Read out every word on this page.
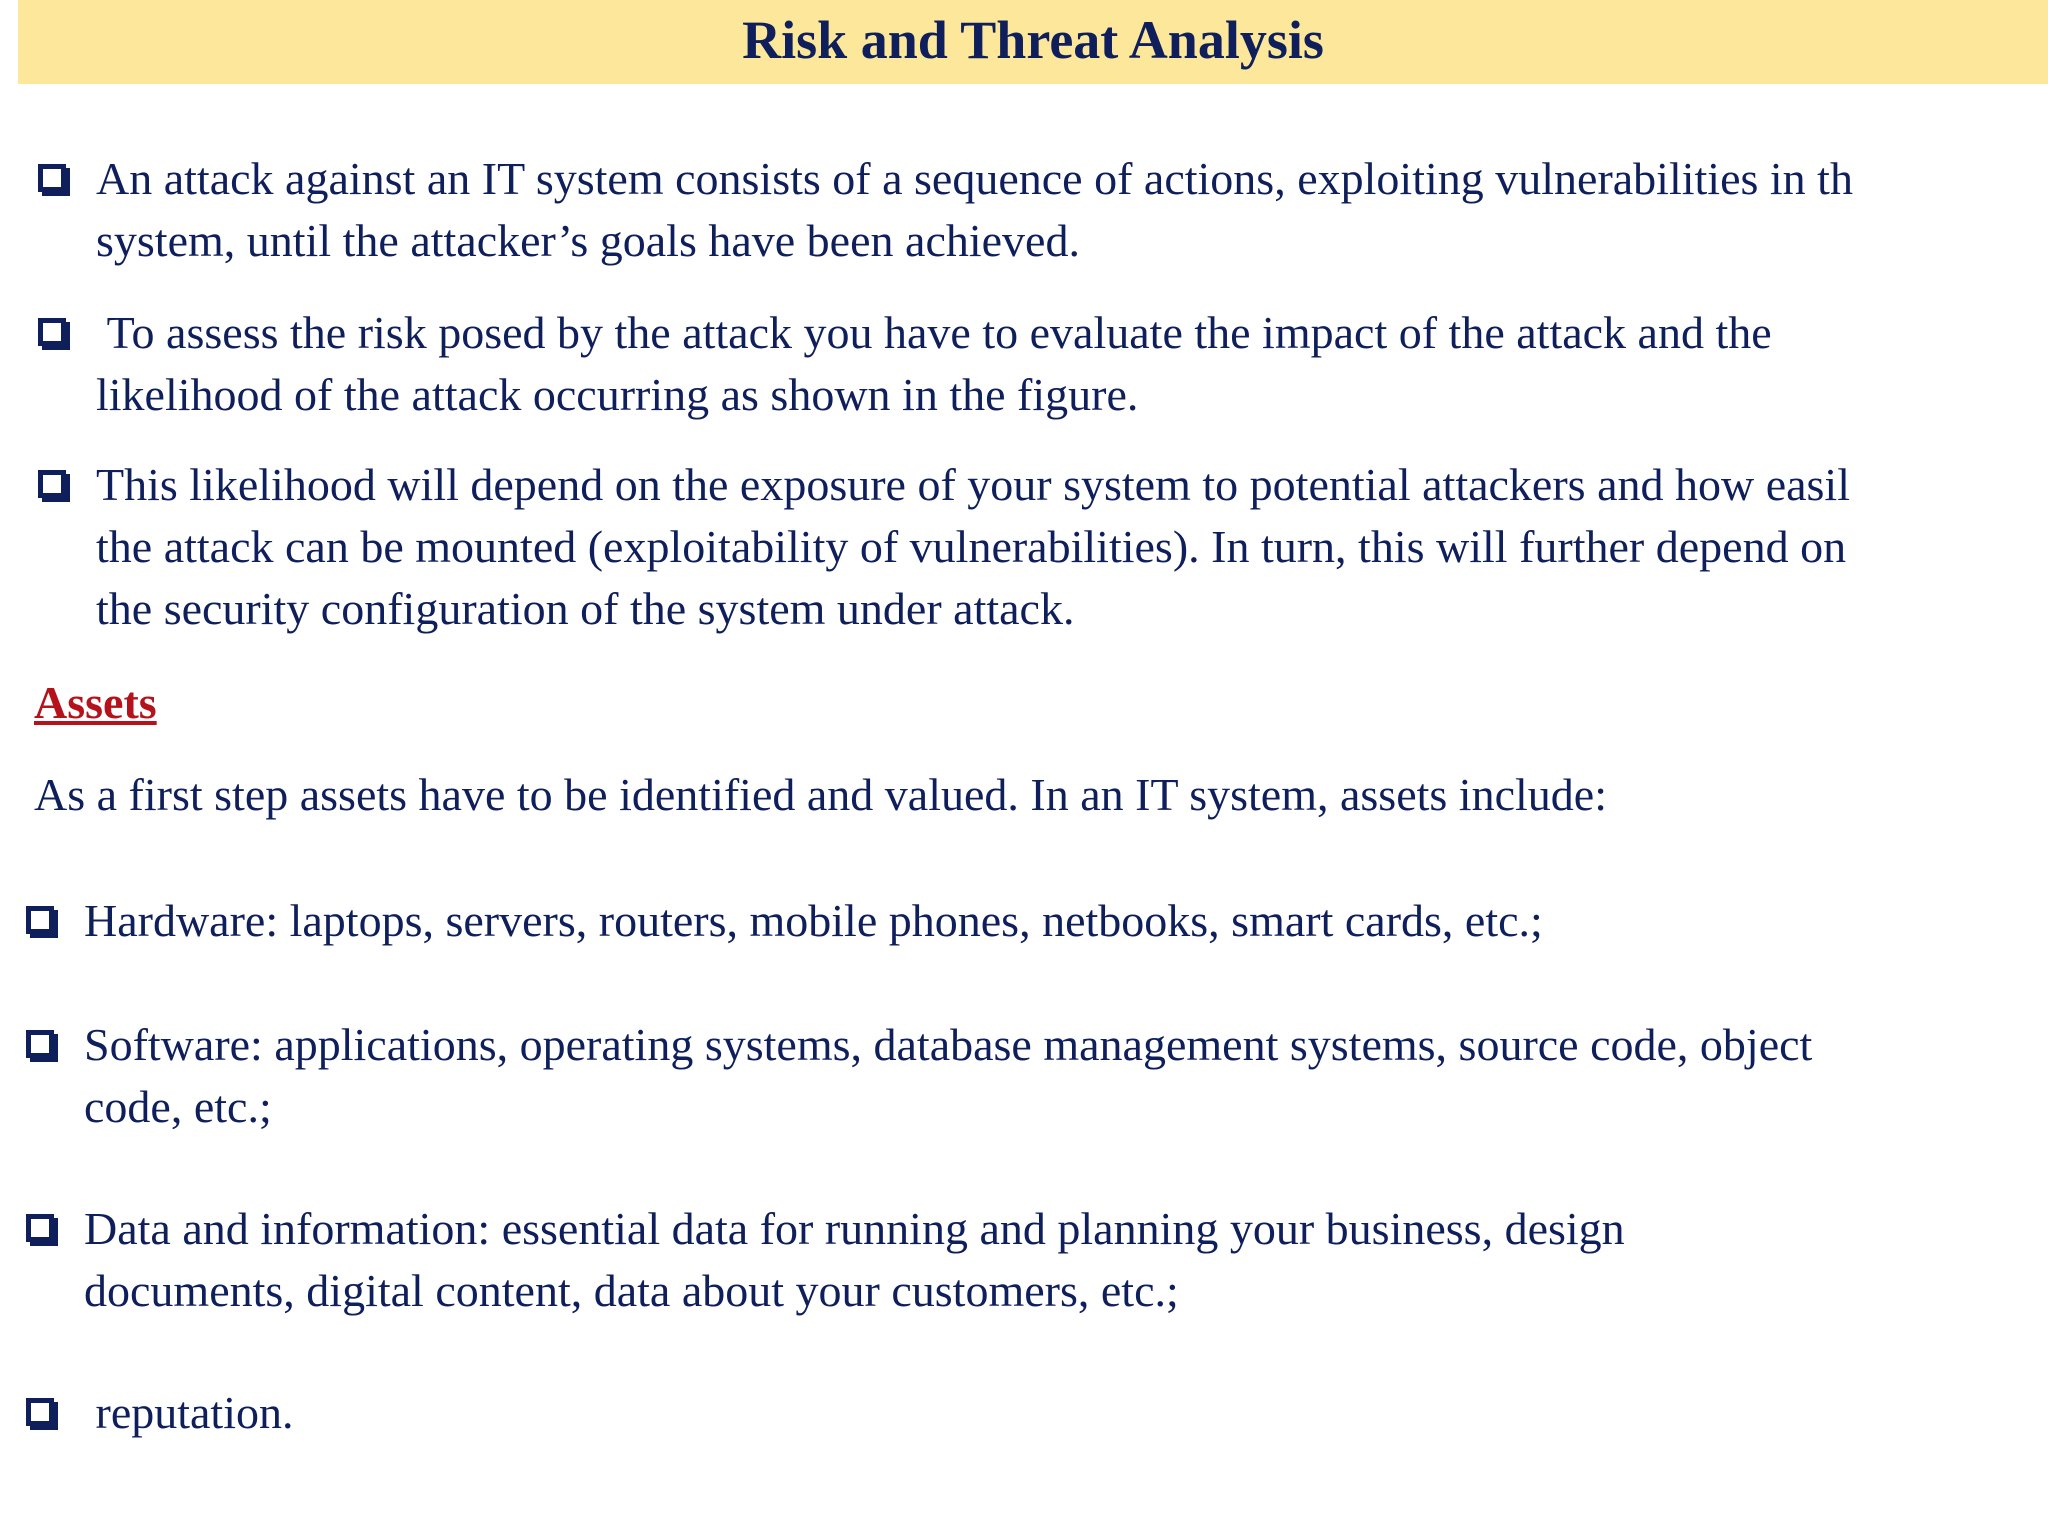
Risk and Threat Analysis
An attack against an IT system consists of a sequence of actions, exploiting vulnerabilities in th
system, until the attacker’s goals have been achieved.
To assess the risk posed by the attack you have to evaluate the impact of the attack and the
likelihood of the attack occurring as shown in the figure.
This likelihood will depend on the exposure of your system to potential attackers and how easil
the attack can be mounted (exploitability of vulnerabilities). In turn, this will further depend on
the security configuration of the system under attack.
Assets
As a first step assets have to be identified and valued. In an IT system, assets include:
Hardware: laptops, servers, routers, mobile phones, netbooks, smart cards, etc.;
Software: applications, operating systems, database management systems, source code, object
code, etc.;
Data and information: essential data for running and planning your business, design
documents, digital content, data about your customers, etc.;
reputation.
